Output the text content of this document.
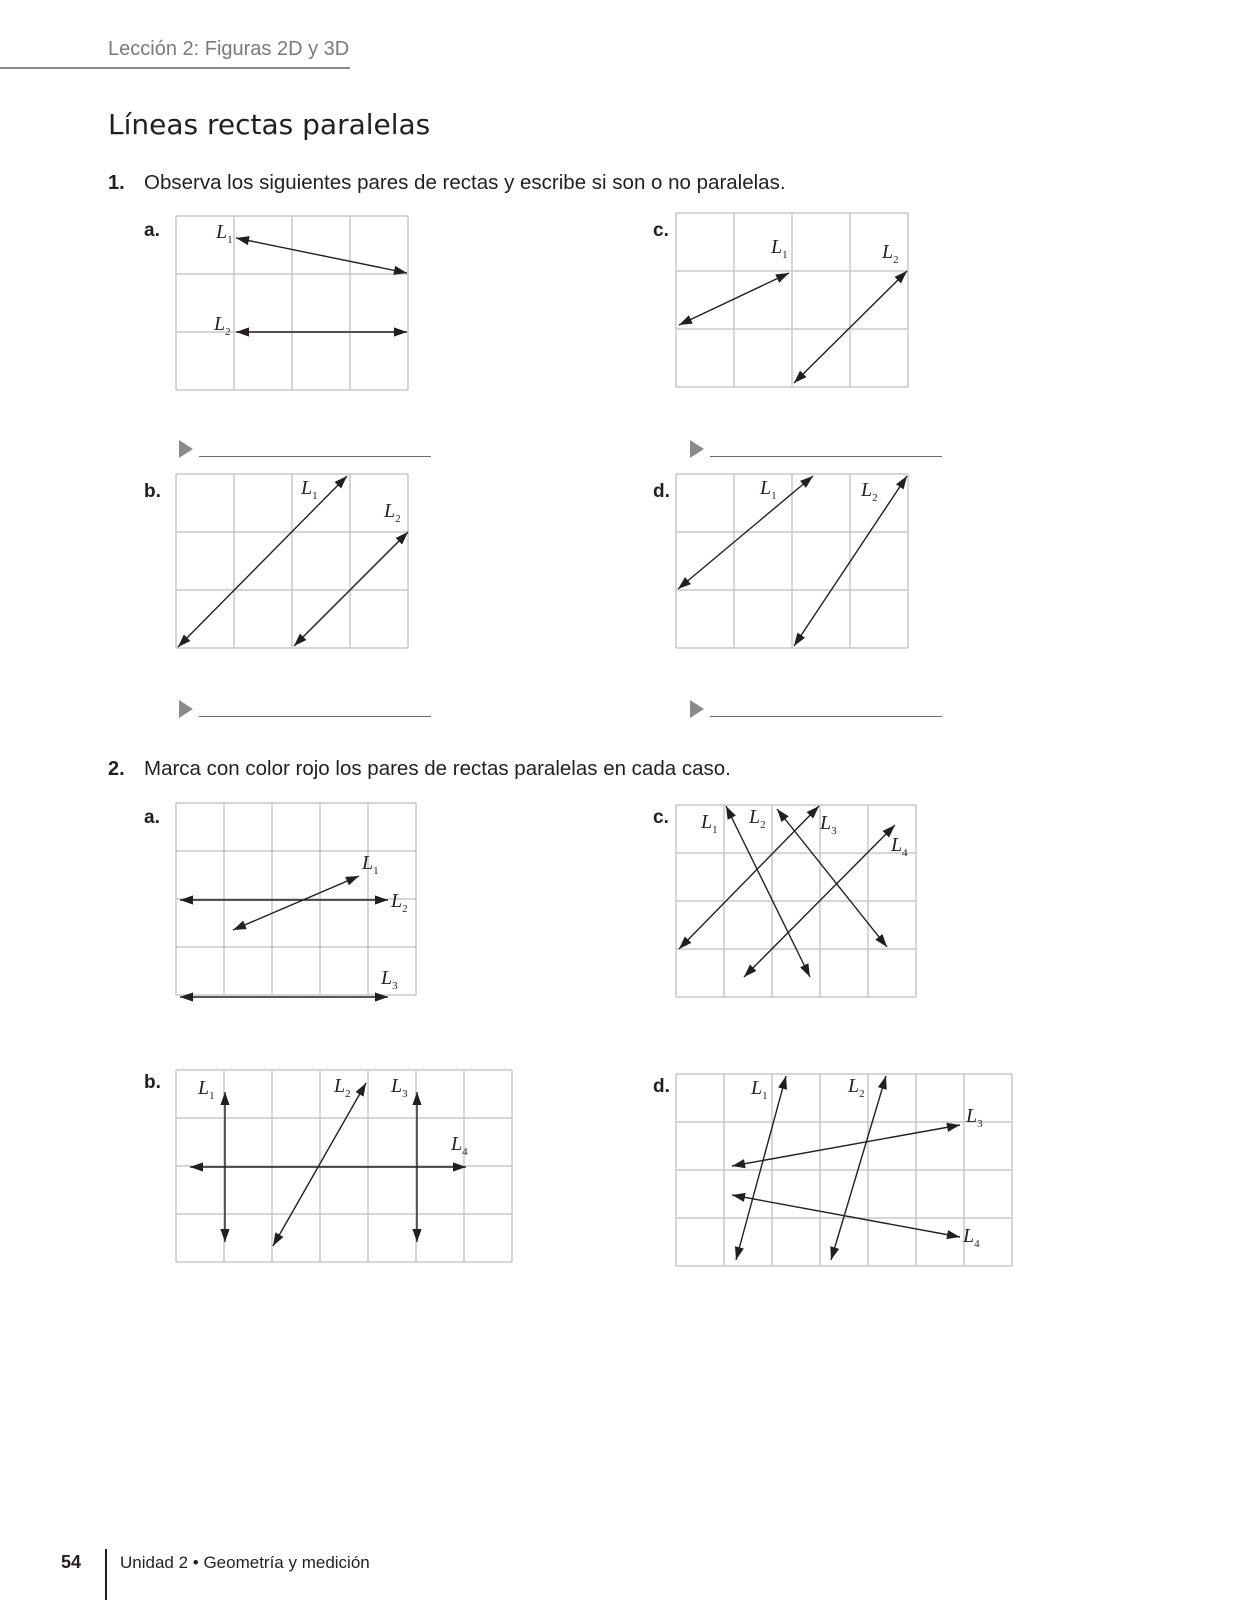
Lección 2: Figuras 2D y 3D
Líneas rectas paralelas
1. Observa los siguientes pares de rectas y escribe si son o no paralelas.
a.
b.
c.
d.
$L_1$
$L_2$
$L_1$
$L_2$
$L_1$	$L_2$
$L_1$	$L_2$
2. Marca con color rojo los pares de rectas paralelas en cada caso.
a.
b.
c.
d.
$L_1$
$L_2$
$L_3$
$L_1$	$L_2$ $L_3$
$L_4$
$L_1$
$L_2$	$L_3$
$L_4$
$L_1$	$L_2$
$L_3$
$L_4$
54 Unidad 2 • Geometría y medición
